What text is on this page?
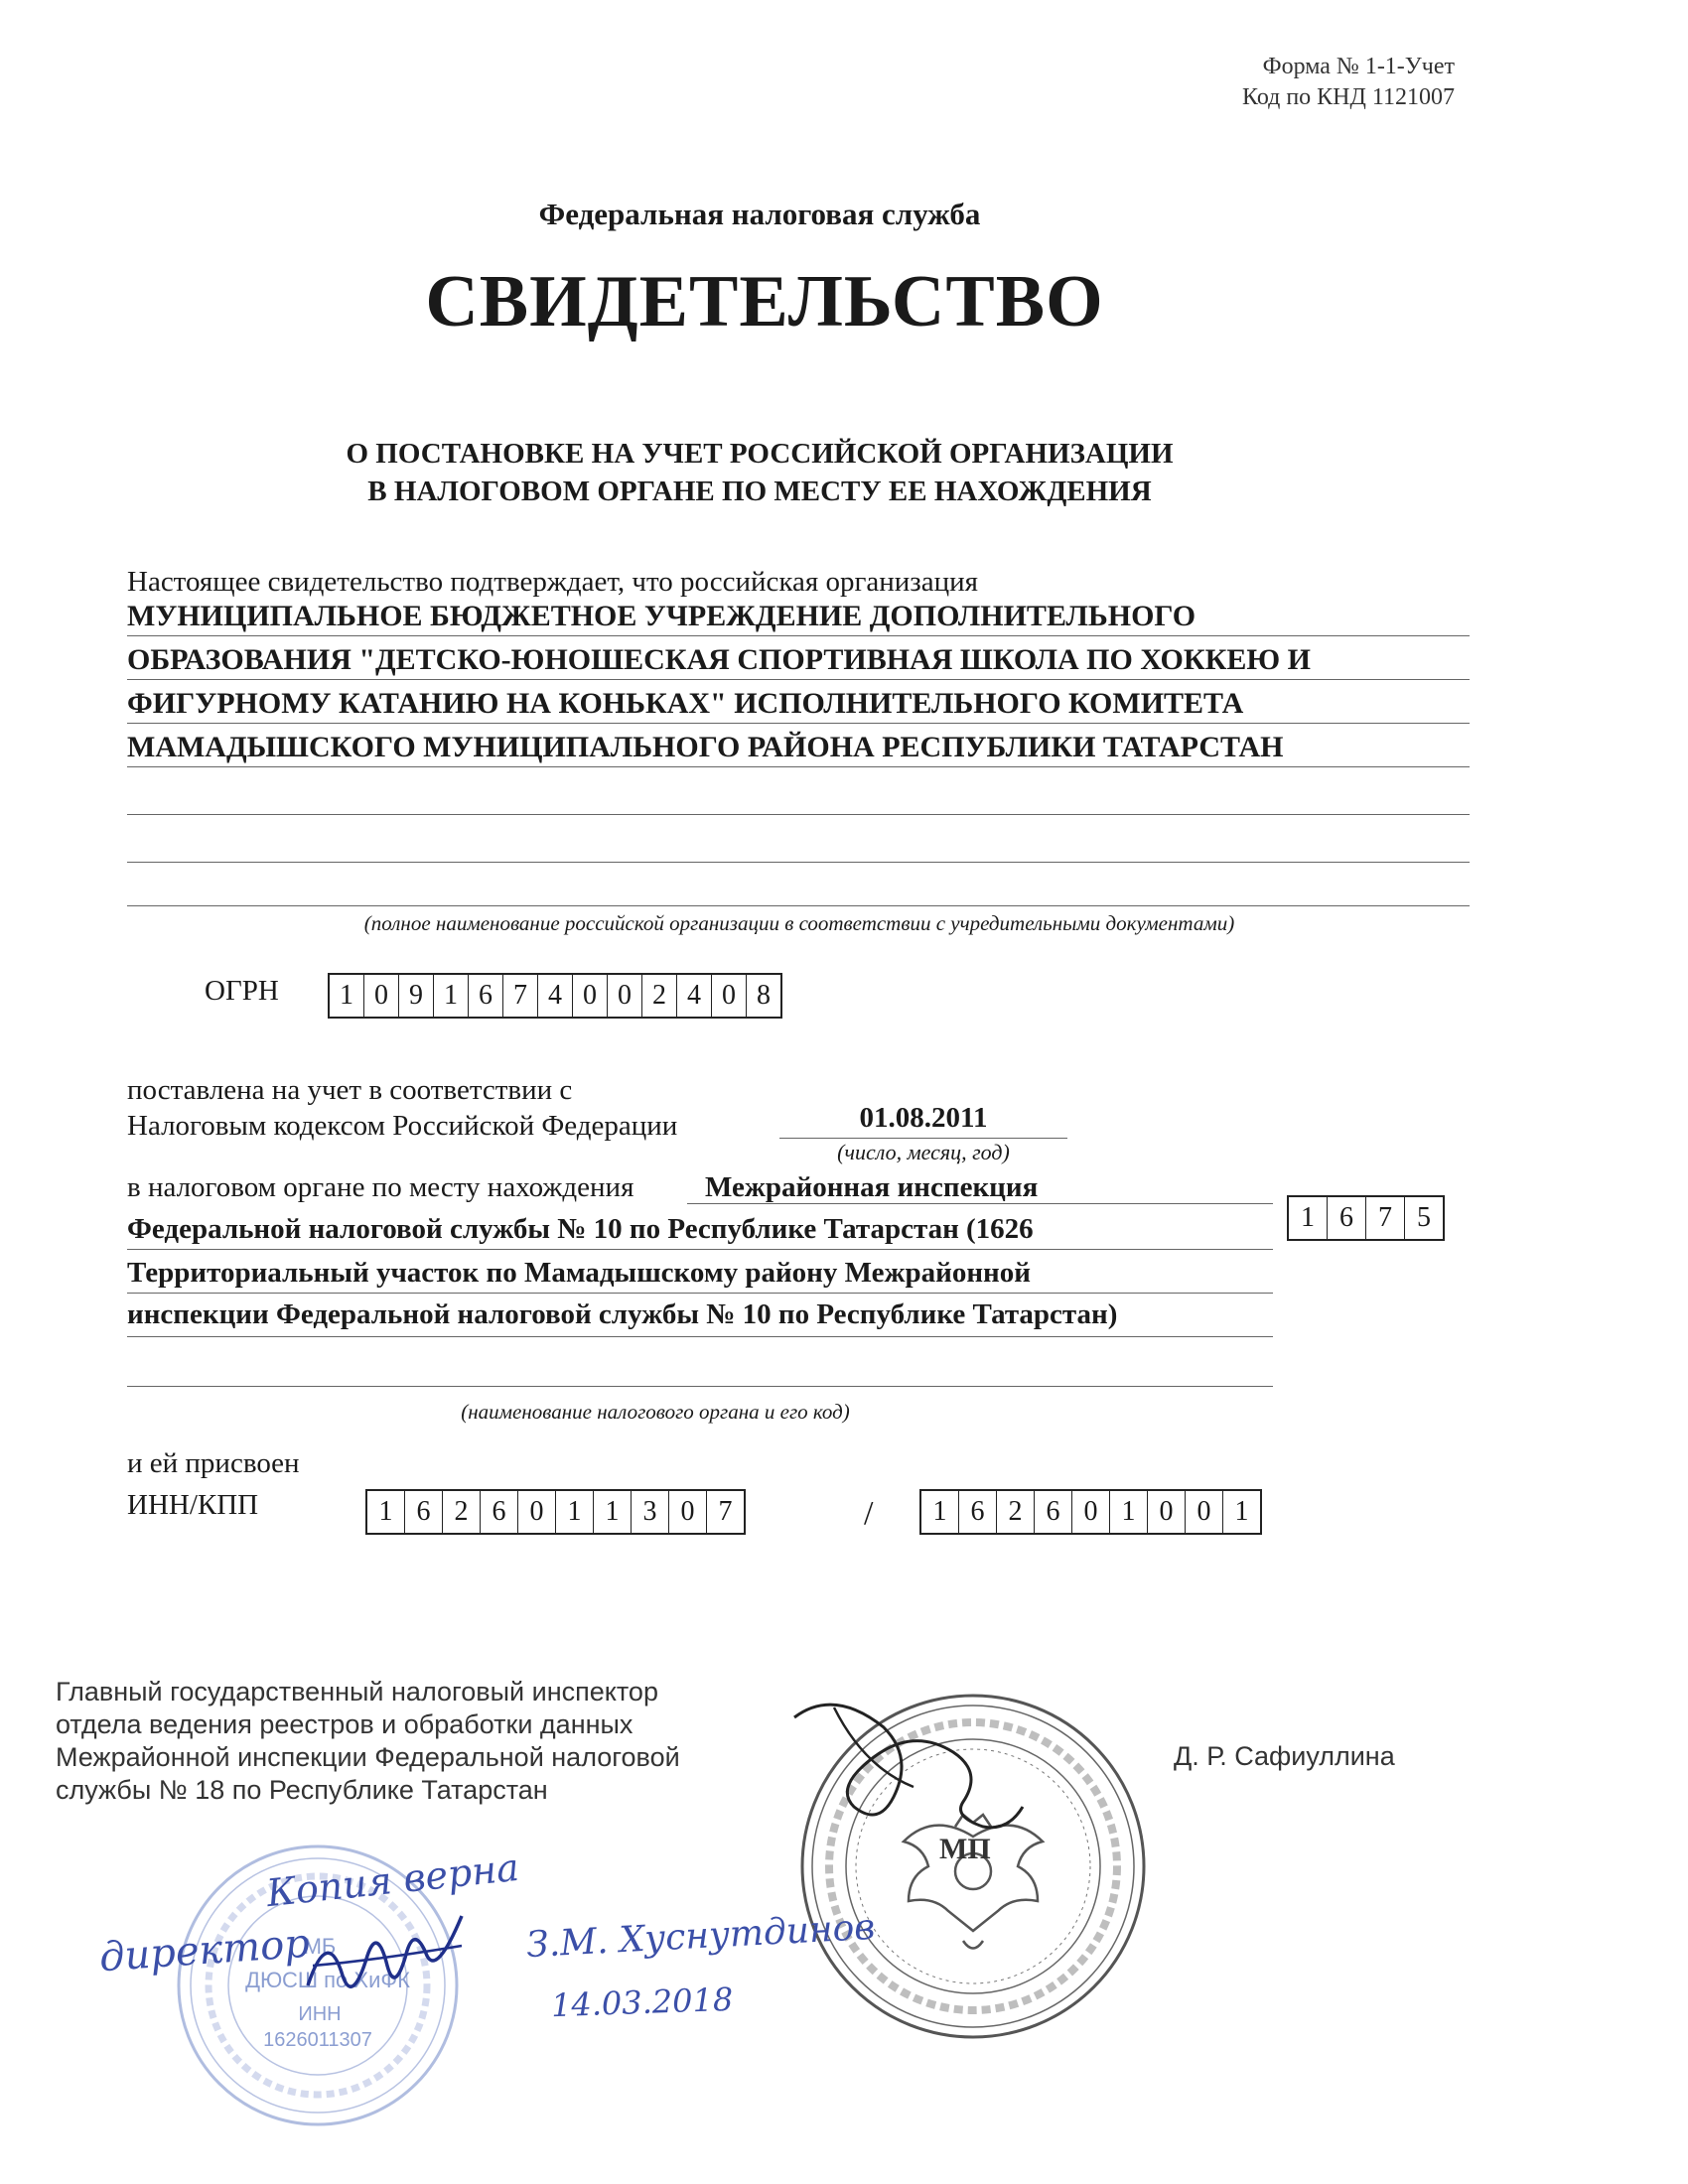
Форма № 1-1-Учет
Код по КНД 1121007
Федеральная налоговая служба
СВИДЕТЕЛЬСТВО
О ПОСТАНОВКЕ НА УЧЕТ РОССИЙСКОЙ ОРГАНИЗАЦИИ
В НАЛОГОВОМ ОРГАНЕ ПО МЕСТУ ЕЕ НАХОЖДЕНИЯ
Настоящее свидетельство подтверждает, что российская организация
МУНИЦИПАЛЬНОЕ БЮДЖЕТНОЕ УЧРЕЖДЕНИЕ ДОПОЛНИТЕЛЬНОГО
ОБРАЗОВАНИЯ "ДЕТСКО-ЮНОШЕСКАЯ СПОРТИВНАЯ ШКОЛА ПО ХОККЕЮ И
ФИГУРНОМУ КАТАНИЮ НА КОНЬКАХ" ИСПОЛНИТЕЛЬНОГО КОМИТЕТА
МАМАДЫШСКОГО МУНИЦИПАЛЬНОГО РАЙОНА РЕСПУБЛИКИ ТАТАРСТАН
(полное наименование российской организации в соответствии с учредительными документами)
ОГРН	1 0 9 1 6 7 4 0 0 2 4 0 8
поставлена на учет в соответствии с
Налоговым кодексом Российской Федерации	01.08.2011
(число, месяц, год)
в налоговом органе по месту нахождения Межрайонная инспекция
Федеральной налоговой службы № 10 по Республике Татарстан (1626
Территориальный участок по Мамадышскому району Межрайонной
инспекции Федеральной налоговой службы № 10 по Республике Татарстан)
(наименование налогового органа и его код)
1 6 7 5
и ей присвоен
ИНН/КПП	1 6 2 6 0 1 1 3 0 7	/	1 6 2 6 0 1 0 0 1
Главный государственный налоговый инспектор
отдела ведения реестров и обработки данных
Межрайонной инспекции Федеральной налоговой
службы № 18 по Республике Татарстан
Д. Р. Сафиуллина
МП
МБ
ДЮСШ по ХиФК
ИНН
1626011307
Копия верна
директор	З.М. Хуснутдинов
14.03.2018
